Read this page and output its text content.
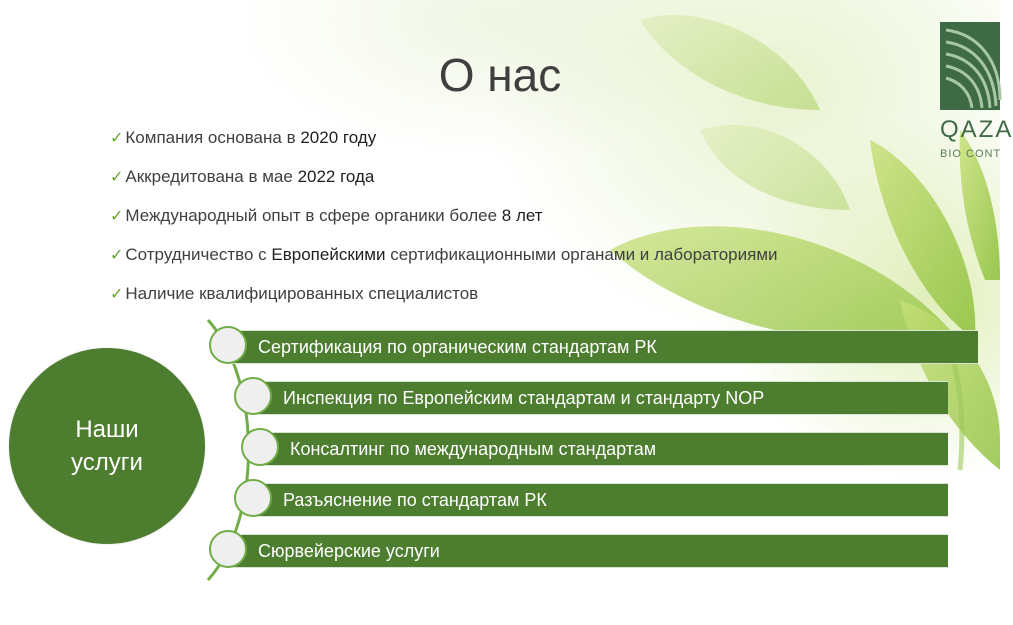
QAZA
BIO CONT
О нас
✓ Компания основана в 2020 году
✓ Аккредитована в мае 2022 года
✓ Международный опыт в сфере органики более 8 лет
✓ Сотрудничество с Европейскими сертификационными органами и лабораториями
✓ Наличие квалифицированных специалистов
Наши
услуги
Сертификация по органическим стандартам РК
Инспекция по Европейским стандартам и стандарту NOP
Консалтинг по международным стандартам
Разъяснение по стандартам РК
Сюрвейерские услуги
